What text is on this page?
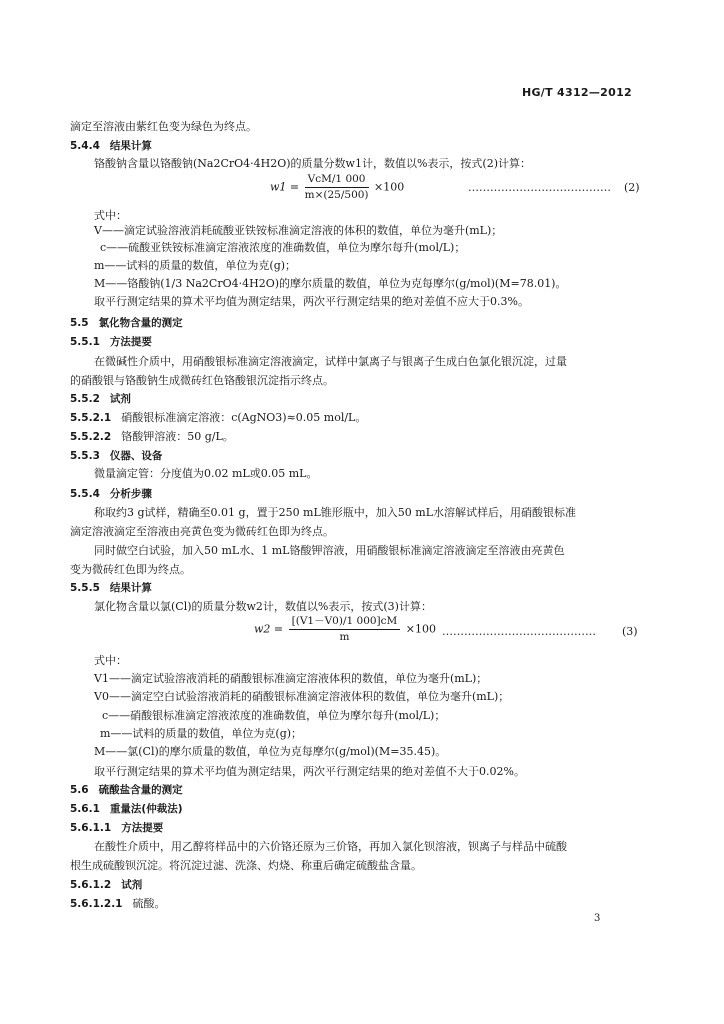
HG/T 4312—2012
滴定至溶液由紫红色变为绿色为终点。
5.4.4 结果计算
铬酸钠含量以铬酸钠(Na2CrO4·4H2O)的质量分数w1计，数值以%表示，按式(2)计算：
$w1 = \frac{\text{VcM/1 000}}{m\times(25/500)} \times 100$	………………………………… (2)
式中：
V——滴定试验溶液消耗硫酸亚铁铵标准滴定溶液的体积的数值，单位为毫升(mL)；
c——硫酸亚铁铵标准滴定溶液浓度的准确数值，单位为摩尔每升(mol/L)；
m——试料的质量的数值，单位为克(g)；
M——铬酸钠(1/3 Na2CrO4·4H2O)的摩尔质量的数值，单位为克每摩尔(g/mol)(M=78.01)。
取平行测定结果的算术平均值为测定结果，两次平行测定结果的绝对差值不应大于0.3%。
5.5 氯化物含量的测定
5.5.1 方法提要
在微碱性介质中，用硝酸银标准滴定溶液滴定，试样中氯离子与银离子生成白色氯化银沉淀，过量
的硝酸银与铬酸钠生成微砖红色铬酸银沉淀指示终点。
5.5.2 试剂
5.5.2.1 硝酸银标准滴定溶液：c(AgNO3)≈0.05 mol/L。
5.5.2.2 铬酸钾溶液：50 g/L。
5.5.3 仪器、设备
微量滴定管：分度值为0.02 mL或0.05 mL。
5.5.4 分析步骤
称取约3 g试样，精确至0.01 g，置于250 mL锥形瓶中，加入50 mL水溶解试样后，用硝酸银标准
滴定溶液滴定至溶液由亮黄色变为微砖红色即为终点。
同时做空白试验，加入50 mL水、1 mL铬酸钾溶液，用硝酸银标准滴定溶液滴定至溶液由亮黄色
变为微砖红色即为终点。
5.5.5 结果计算
氯化物含量以氯(Cl)的质量分数w2计，数值以%表示，按式(3)计算：
$w2 = \frac{[(V1-V0)/1 000]cM}{m} \times 100$ …………………………………… (3)
式中：
V1——滴定试验溶液消耗的硝酸银标准滴定溶液体积的数值，单位为毫升(mL)；
V0——滴定空白试验溶液消耗的硝酸银标准滴定溶液体积的数值，单位为毫升(mL)；
c——硝酸银标准滴定溶液浓度的准确数值，单位为摩尔每升(mol/L)；
m——试料的质量的数值，单位为克(g)；
M——氯(Cl)的摩尔质量的数值，单位为克每摩尔(g/mol)(M=35.45)。
取平行测定结果的算术平均值为测定结果，两次平行测定结果的绝对差值不大于0.02%。
5.6 硫酸盐含量的测定
5.6.1 重量法(仲裁法)
5.6.1.1 方法提要
在酸性介质中，用乙醇将样品中的六价铬还原为三价铬，再加入氯化钡溶液，钡离子与样品中硫酸
根生成硫酸钡沉淀。将沉淀过滤、洗涤、灼烧、称重后确定硫酸盐含量。
5.6.1.2 试剂
5.6.1.2.1 硫酸。
3
